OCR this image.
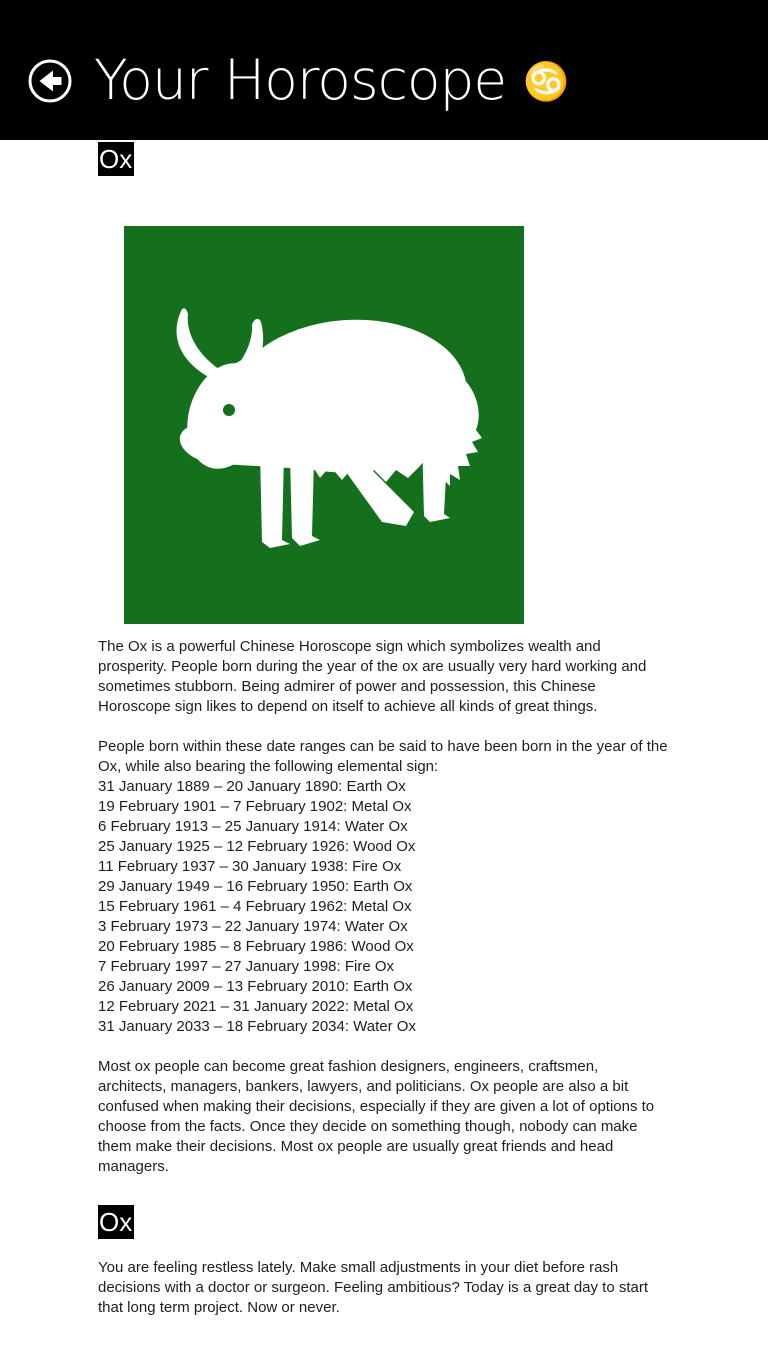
Your Horoscope ♋
Ox

The Ox is a powerful Chinese Horoscope sign which symbolizes wealth and prosperity. People born during the year of the ox are usually very hard working and sometimes stubborn. Being admirer of power and possession, this Chinese Horoscope sign likes to depend on itself to achieve all kinds of great things.

People born within these date ranges can be said to have been born in the year of the Ox, while also bearing the following elemental sign:
31 January 1889 – 20 January 1890: Earth Ox
19 February 1901 – 7 February 1902: Metal Ox
6 February 1913 – 25 January 1914: Water Ox
25 January 1925 – 12 February 1926: Wood Ox
11 February 1937 – 30 January 1938: Fire Ox
29 January 1949 – 16 February 1950: Earth Ox
15 February 1961 – 4 February 1962: Metal Ox
3 February 1973 – 22 January 1974: Water Ox
20 February 1985 – 8 February 1986: Wood Ox
7 February 1997 – 27 January 1998: Fire Ox
26 January 2009 – 13 February 2010: Earth Ox
12 February 2021 – 31 January 2022: Metal Ox
31 January 2033 – 18 February 2034: Water Ox

Most ox people can become great fashion designers, engineers, craftsmen, architects, managers, bankers, lawyers, and politicians. Ox people are also a bit confused when making their decisions, especially if they are given a lot of options to choose from the facts. Once they decide on something though, nobody can make them make their decisions. Most ox people are usually great friends and head managers.

Ox

You are feeling restless lately. Make small adjustments in your diet before rash decisions with a doctor or surgeon. Feeling ambitious? Today is a great day to start that long term project. Now or never.
